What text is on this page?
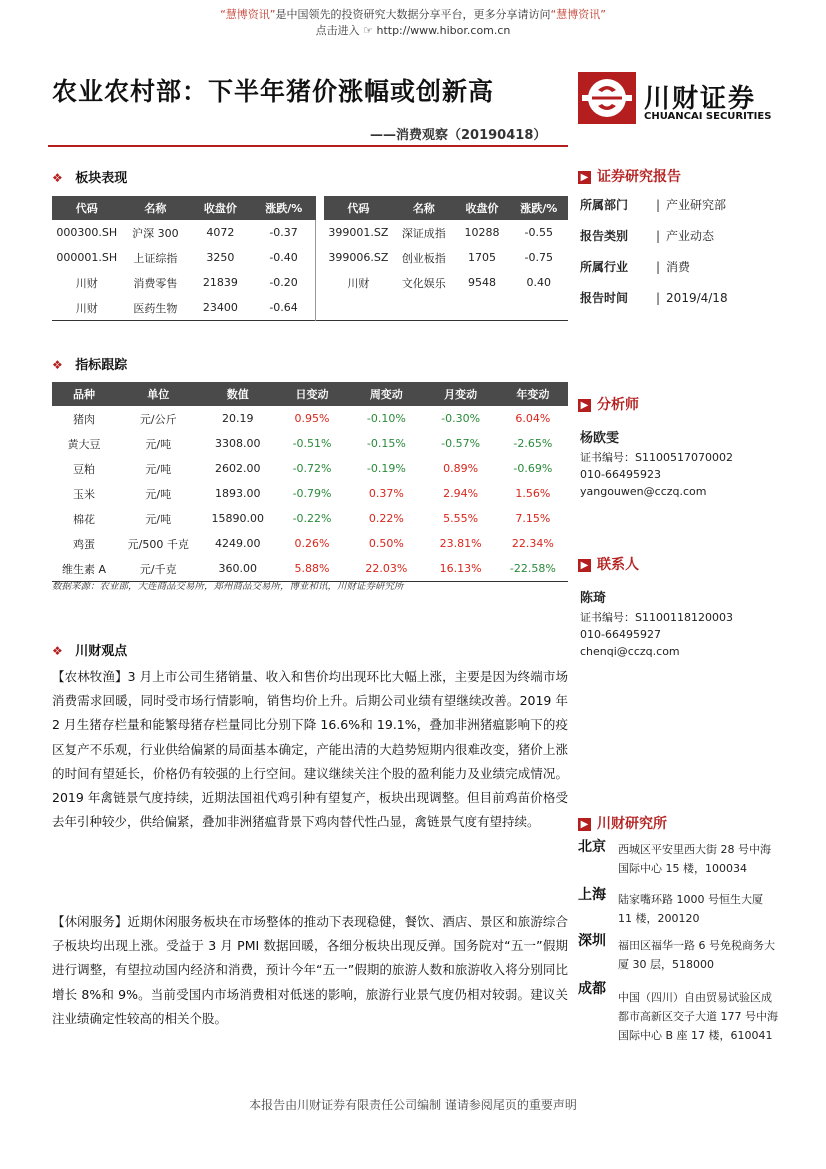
“慧博资讯”是中国领先的投资研究大数据分享平台，更多分享请访问“慧博资讯”
点击进入 ☞ http://www.hibor.com.cn
农业农村部：下半年猪价涨幅或创新高
——消费观察（20190418）
川财证券
CHUANCAI SECURITIES
❖ 板块表现
代码	名称	收盘价	涨跌/%		代码	名称	收盘价	涨跌/%
000300.SH	沪深 300	4072	-0.37		399001.SZ	深证成指	10288	-0.55
000001.SH	上证综指	3250	-0.40		399006.SZ	创业板指	1705	-0.75
川财	消费零售	21839	-0.20		川财	文化娱乐	9548	0.40
川财	医药生物	23400	-0.64					
❖ 指标跟踪
品种	单位	数值	日变动	周变动	月变动	年变动
猪肉	元/公斤	20.19	0.95%	-0.10%	-0.30%	6.04%
黄大豆	元/吨	3308.00	-0.51%	-0.15%	-0.57%	-2.65%
豆粕	元/吨	2602.00	-0.72%	-0.19%	0.89%	-0.69%
玉米	元/吨	1893.00	-0.79%	0.37%	2.94%	1.56%
棉花	元/吨	15890.00	-0.22%	0.22%	5.55%	7.15%
鸡蛋	元/500 千克	4249.00	0.26%	0.50%	23.81%	22.34%
维生素 A	元/千克	360.00	5.88%	22.03%	16.13%	-22.58%
数据来源：农业部，大连商品交易所，郑州商品交易所，博亚和讯，川财证券研究所
❖ 川财观点
【农林牧渔】3 月上市公司生猪销量、收入和售价均出现环比大幅上涨，主要是因为终端市场消费需求回暖，同时受市场行情影响，销售均价上升。后期公司业绩有望继续改善。2019 年 2 月生猪存栏量和能繁母猪存栏量同比分别下降 16.6%和 19.1%，叠加非洲猪瘟影响下的疫区复产不乐观，行业供给偏紧的局面基本确定，产能出清的大趋势短期内很难改变，猪价上涨的时间有望延长，价格仍有较强的上行空间。建议继续关注个股的盈利能力及业绩完成情况。2019 年禽链景气度持续，近期法国祖代鸡引种有望复产，板块出现调整。但目前鸡苗价格受去年引种较少，供给偏紧，叠加非洲猪瘟背景下鸡肉替代性凸显，禽链景气度有望持续。
【休闲服务】近期休闲服务板块在市场整体的推动下表现稳健，餐饮、酒店、景区和旅游综合子板块均出现上涨。受益于 3 月 PMI 数据回暖，各细分板块出现反弹。国务院对“五一”假期进行调整，有望拉动国内经济和消费，预计今年“五一”假期的旅游人数和旅游收入将分别同比增长 8%和 9%。当前受国内市场消费相对低迷的影响，旅游行业景气度仍相对较弱。建议关注业绩确定性较高的相关个股。
▶ 证券研究报告
所属部门 | 产业研究部
报告类别 | 产业动态
所属行业 | 消费
报告时间 | 2019/4/18
▶ 分析师
杨欧雯
证书编号：S1100517070002
010-66495923
yangouwen@cczq.com
▶ 联系人
陈琦
证书编号：S1100118120003
010-66495927
chenqi@cczq.com
▶ 川财研究所
北京 西城区平安里西大街 28 号中海国际中心 15 楼，100034
上海 陆家嘴环路 1000 号恒生大厦 11 楼，200120
深圳 福田区福华一路 6 号免税商务大厦 30 层，518000
成都
中国（四川）自由贸易试验区成都市高新区交子大道 177 号中海国际中心 B 座 17 楼，610041
本报告由川财证券有限责任公司编制 谨请参阅尾页的重要声明
